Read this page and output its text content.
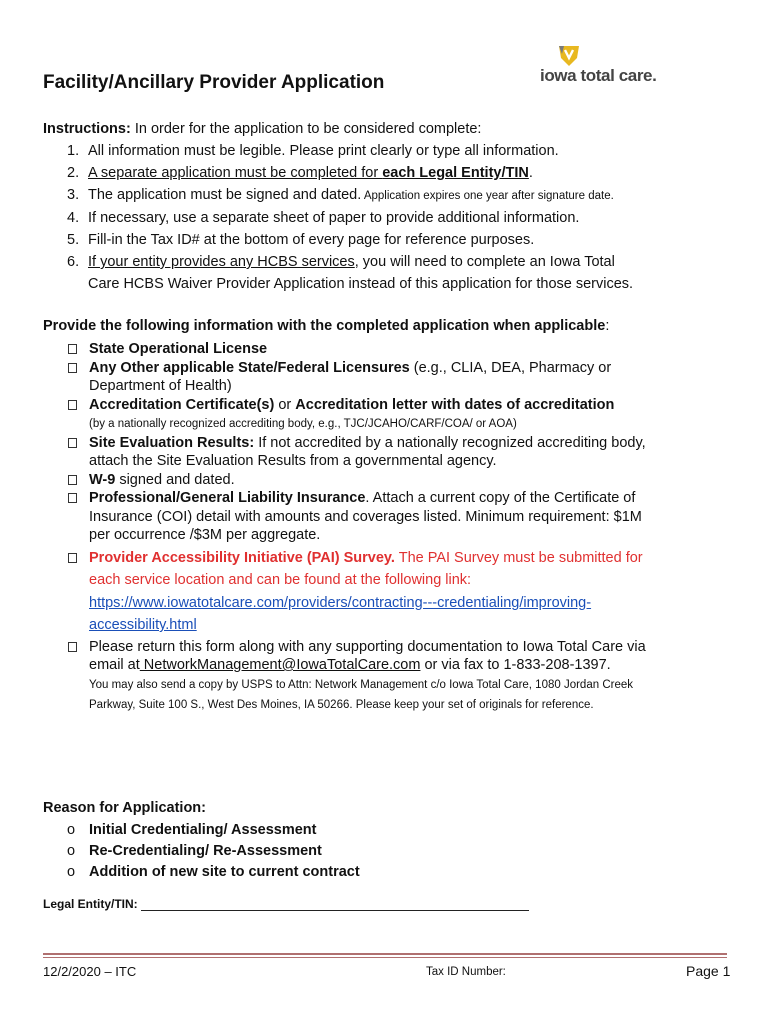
Facility/Ancillary Provider Application	iowa total care.
Instructions: In order for the application to be considered complete:
1. All information must be legible. Please print clearly or type all information.
2. A separate application must be completed for each Legal Entity/TIN.
3. The application must be signed and dated. Application expires one year after signature date.
4. If necessary, use a separate sheet of paper to provide additional information.
5. Fill-in the Tax ID# at the bottom of every page for reference purposes.
6. If your entity provides any HCBS services, you will need to complete an Iowa Total
Care HCBS Waiver Provider Application instead of this application for those services.
Provide the following information with the completed application when applicable:
State Operational License
Any Other applicable State/Federal Licensures (e.g., CLIA, DEA, Pharmacy or
Department of Health)
Accreditation Certificate(s) or Accreditation letter with dates of accreditation
(by a nationally recognized accrediting body, e.g., TJC/JCAHO/CARF/COA/ or AOA)
Site Evaluation Results: If not accredited by a nationally recognized accrediting body,
attach the Site Evaluation Results from a governmental agency.
W-9 signed and dated.
Professional/General Liability Insurance. Attach a current copy of the Certificate of
Insurance (COI) detail with amounts and coverages listed. Minimum requirement: $1M
per occurrence /$3M per aggregate.
Provider Accessibility Initiative (PAI) Survey. The PAI Survey must be submitted for
each service location and can be found at the following link:
https://www.iowatotalcare.com/providers/contracting---credentialing/improving-
accessibility.html
Please return this form along with any supporting documentation to Iowa Total Care via
email at NetworkManagement@IowaTotalCare.com or via fax to 1-833-208-1397.
You may also send a copy by USPS to Attn: Network Management c/o Iowa Total Care, 1080 Jordan Creek
Parkway, Suite 100 S., West Des Moines, IA 50266. Please keep your set of originals for reference.
Reason for Application:
o Initial Credentialing/ Assessment
o Re-Credentialing/ Re-Assessment
o Addition of new site to current contract
Legal Entity/TIN:
12/2/2020 – ITC	Tax ID Number:	Page 1
